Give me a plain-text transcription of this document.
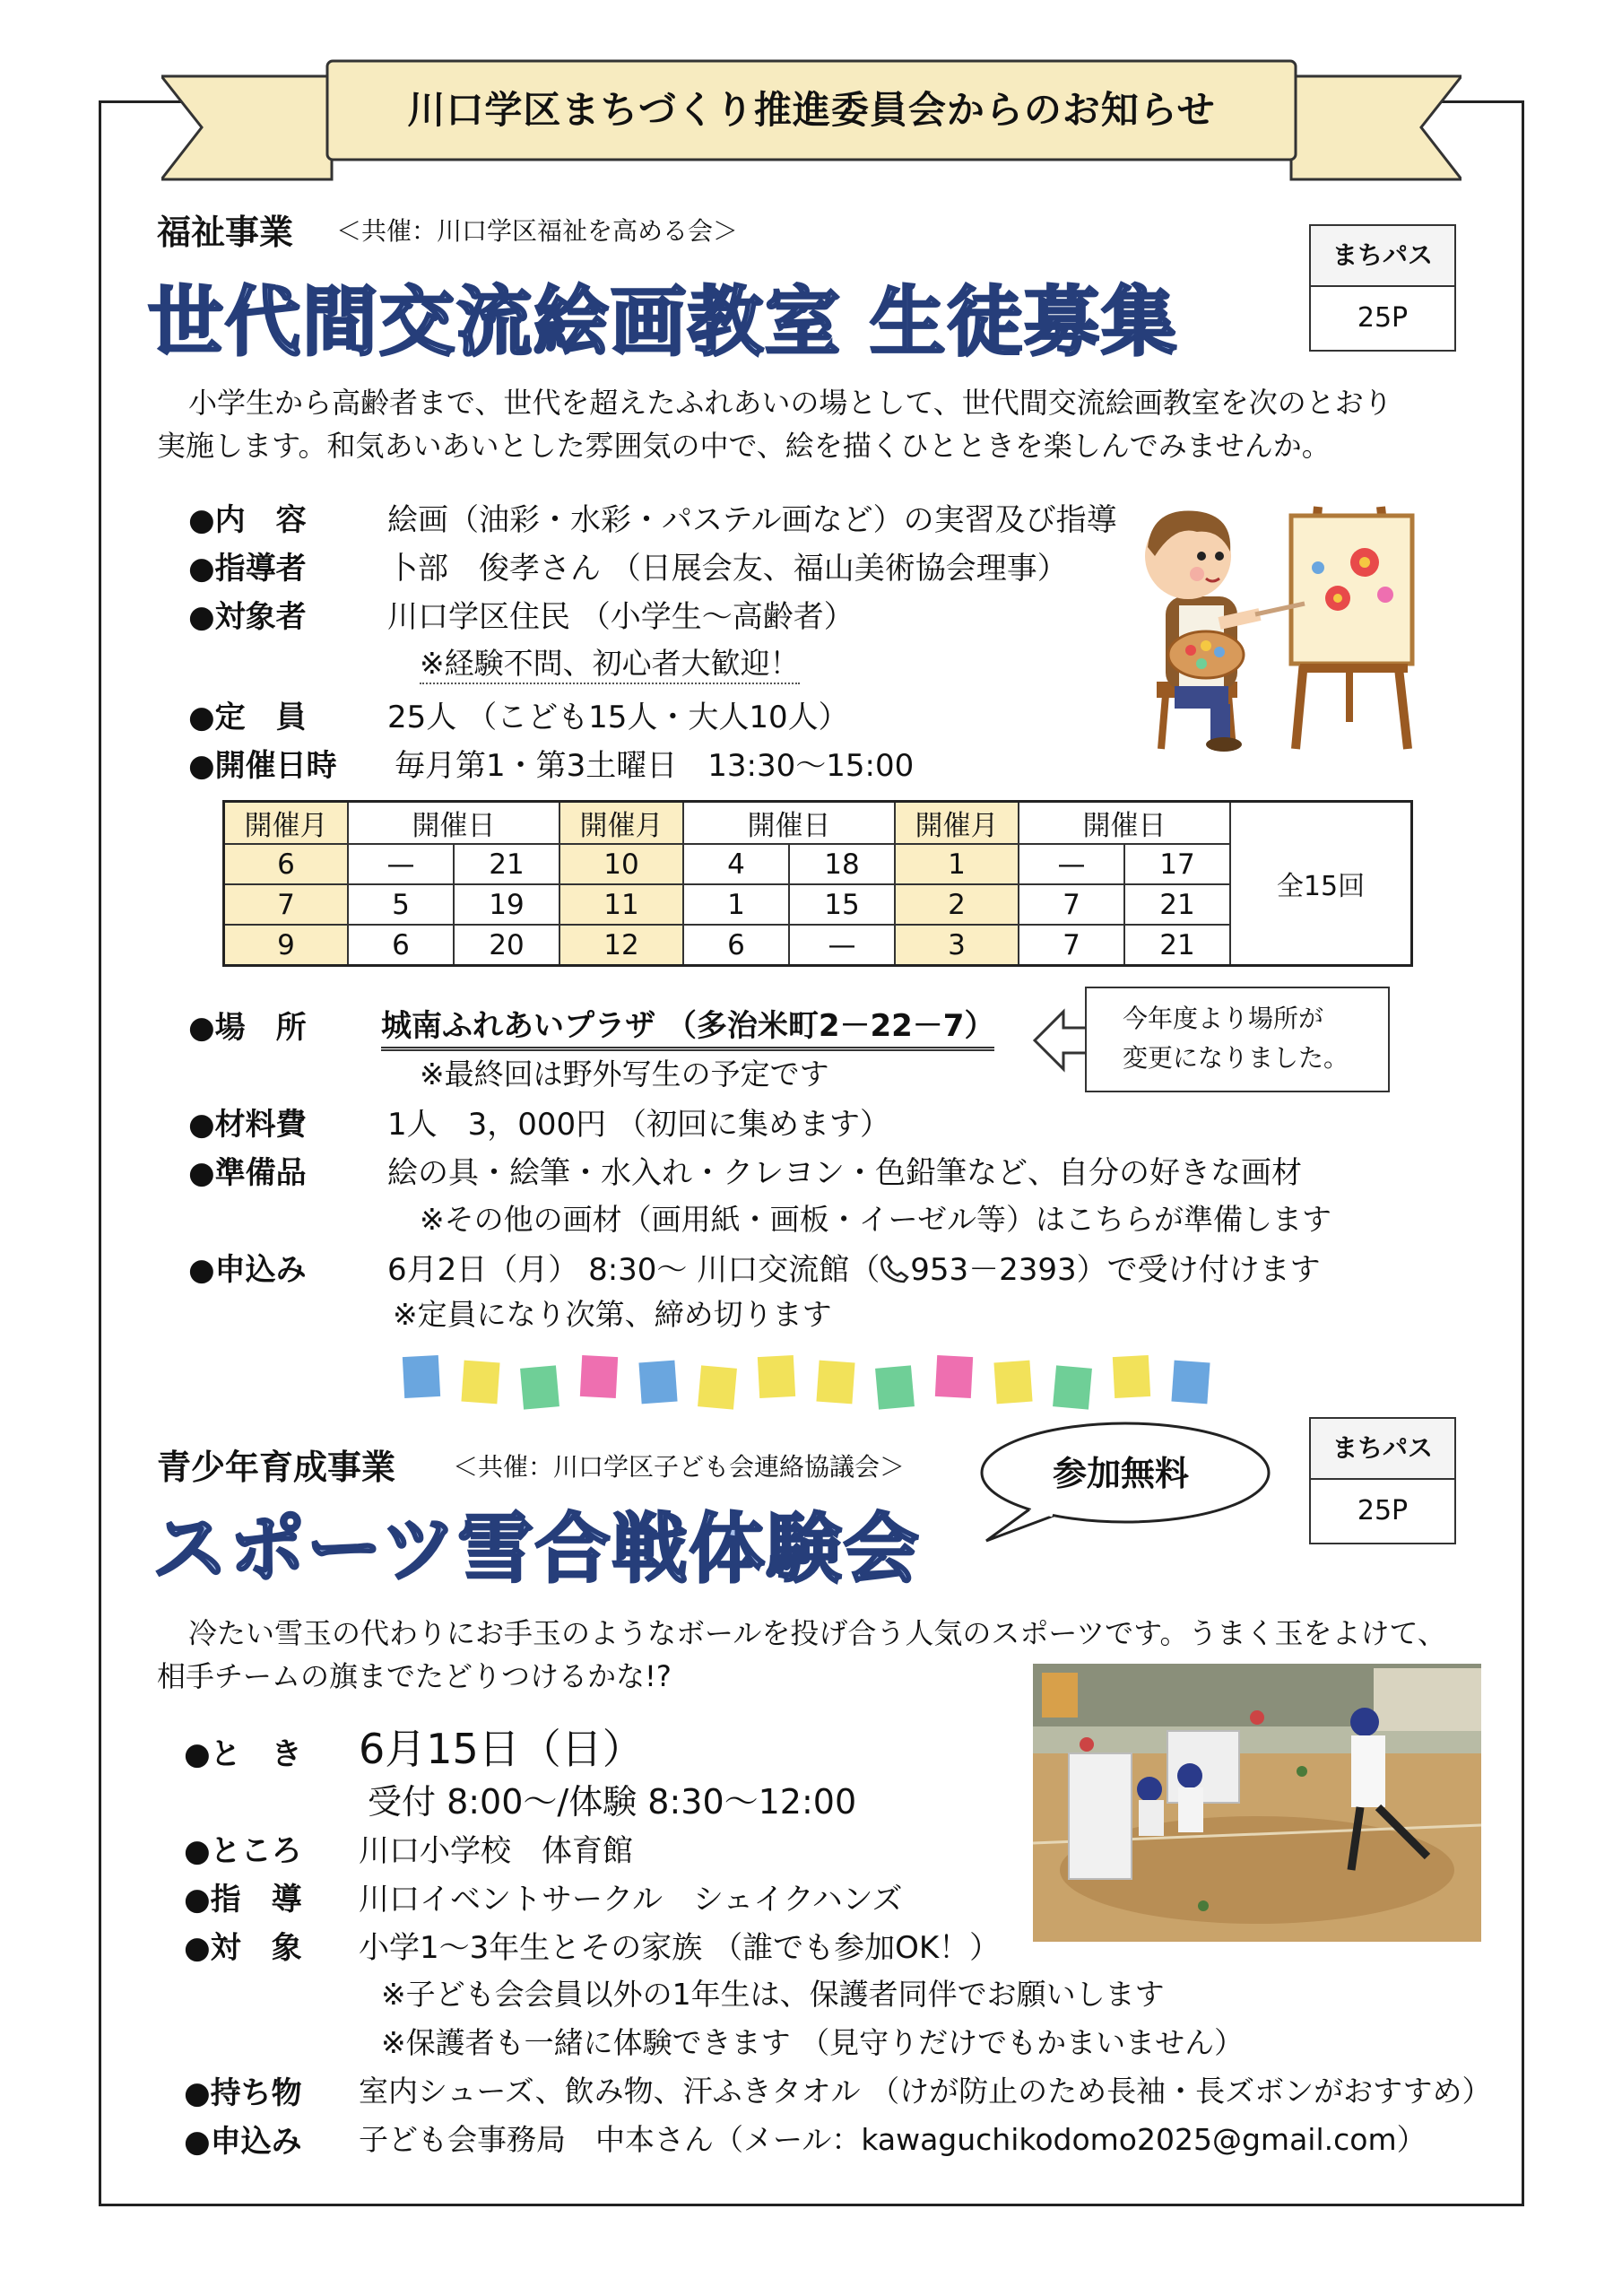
川口学区まちづくり推進委員会からのお知らせ
福祉事業 ＜共催：川口学区福祉を高める会＞
世代間交流絵画教室 生徒募集
まちパス
25P
小学生から高齢者まで、世代を超えたふれあいの場として、世代間交流絵画教室を次のとおり
実施します。和気あいあいとした雰囲気の中で、絵を描くひとときを楽しんでみませんか。
●内　容	絵画（油彩・水彩・パステル画など）の実習及び指導
●指導者	卜部　俊孝さん （日展会友、福山美術協会理事）
●対象者	川口学区住民 （小学生～高齢者）
※経験不問、初心者大歓迎！
●定　員	25人 （こども15人・大人10人）
●開催日時 毎月第1・第3土曜日　13:30～15:00
開催月	開催日		開催月	開催日		開催月	開催日		全15回
6	—	21	10	4	18	1	—	17	
7	5	19	11	1	15	2	7	21	
9	6	20	12	6	—	3	7	21	
●場　所 城南ふれあいプラザ （多治米町2－22－7）
※最終回は野外写生の予定です
今年度より場所が
変更になりました。
●材料費	1人　3，000円 （初回に集めます）
●準備品	絵の具・絵筆・水入れ・クレヨン・色鉛筆など、自分の好きな画材
※その他の画材（画用紙・画板・イーゼル等）はこちらが準備します
●申込み	6月2日（月） 8:30～ 川口交流館（ 953－2393）で受け付けます
※定員になり次第、締め切ります
青少年育成事業 ＜共催：川口学区子ども会連絡協議会＞
スポーツ雪合戦体験会
参加無料
まちパス
25P
冷たい雪玉の代わりにお手玉のようなボールを投げ合う人気のスポーツです。うまく玉をよけて、
相手チームの旗までたどりつけるかな!?
●と　き 6月15日（日）
受付 8:00～/体験 8:30～12:00
●ところ 川口小学校　体育館
●指　導 川口イベントサークル　シェイクハンズ
●対　象 小学1～3年生とその家族 （誰でも参加OK！）
※子ども会会員以外の1年生は、保護者同伴でお願いします
※保護者も一緒に体験できます （見守りだけでもかまいません）
●持ち物 室内シューズ、飲み物、汗ふきタオル （けが防止のため長袖・長ズボンがおすすめ）
●申込み 子ども会事務局　中本さん（メール：kawaguchikodomo2025@gmail.com）
